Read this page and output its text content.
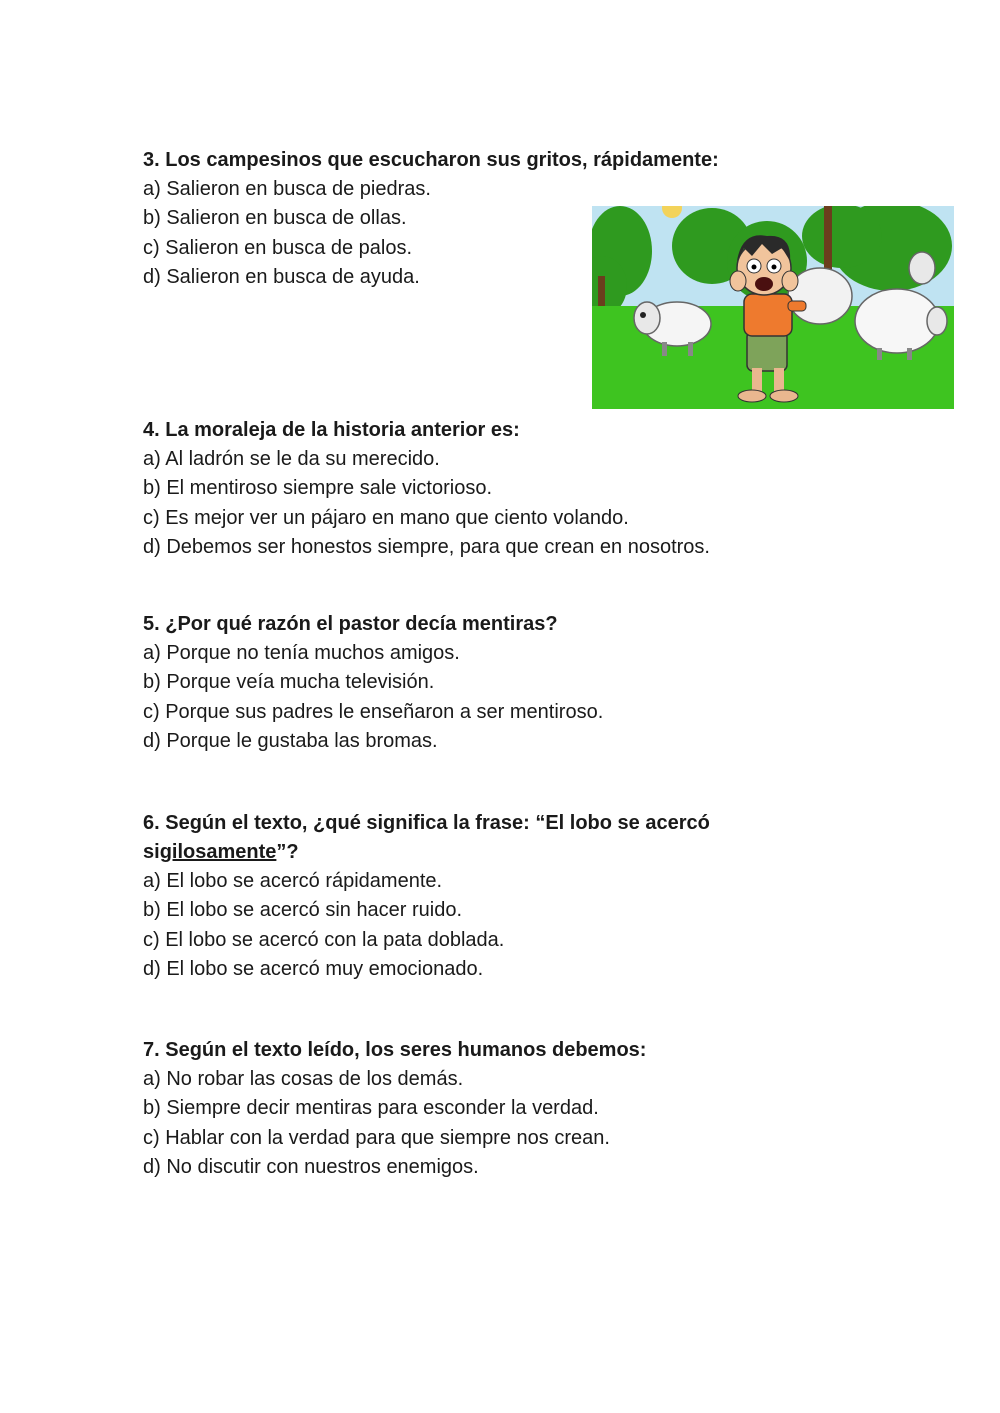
3. Los campesinos que escucharon sus gritos, rápidamente:

a) Salieron en busca de piedras.

b) Salieron en busca de ollas.

c) Salieron en busca de palos.

d) Salieron en busca de ayuda.

4. La moraleja de la historia anterior es:

a) Al ladrón se le da su merecido.

b) El mentiroso siempre sale victorioso.

c) Es mejor ver un pájaro en mano que ciento volando.

d) Debemos ser honestos siempre, para que crean en nosotros.

5. ¿Por qué razón el pastor decía mentiras?

a) Porque no tenía muchos amigos.

b) Porque veía mucha televisión.

c) Porque sus padres le enseñaron a ser mentiroso.

d) Porque le gustaba las bromas.

6. Según el texto, ¿qué significa la frase: “El lobo se acercó

sigilosamente”?

a) El lobo se acercó rápidamente.

b) El lobo se acercó sin hacer ruido.

c) El lobo se acercó con la pata doblada.

d) El lobo se acercó muy emocionado.

7. Según el texto leído, los seres humanos debemos:

a) No robar las cosas de los demás.

b) Siempre decir mentiras para esconder la verdad.

c) Hablar con la verdad para que siempre nos crean.

d) No discutir con nuestros enemigos.
